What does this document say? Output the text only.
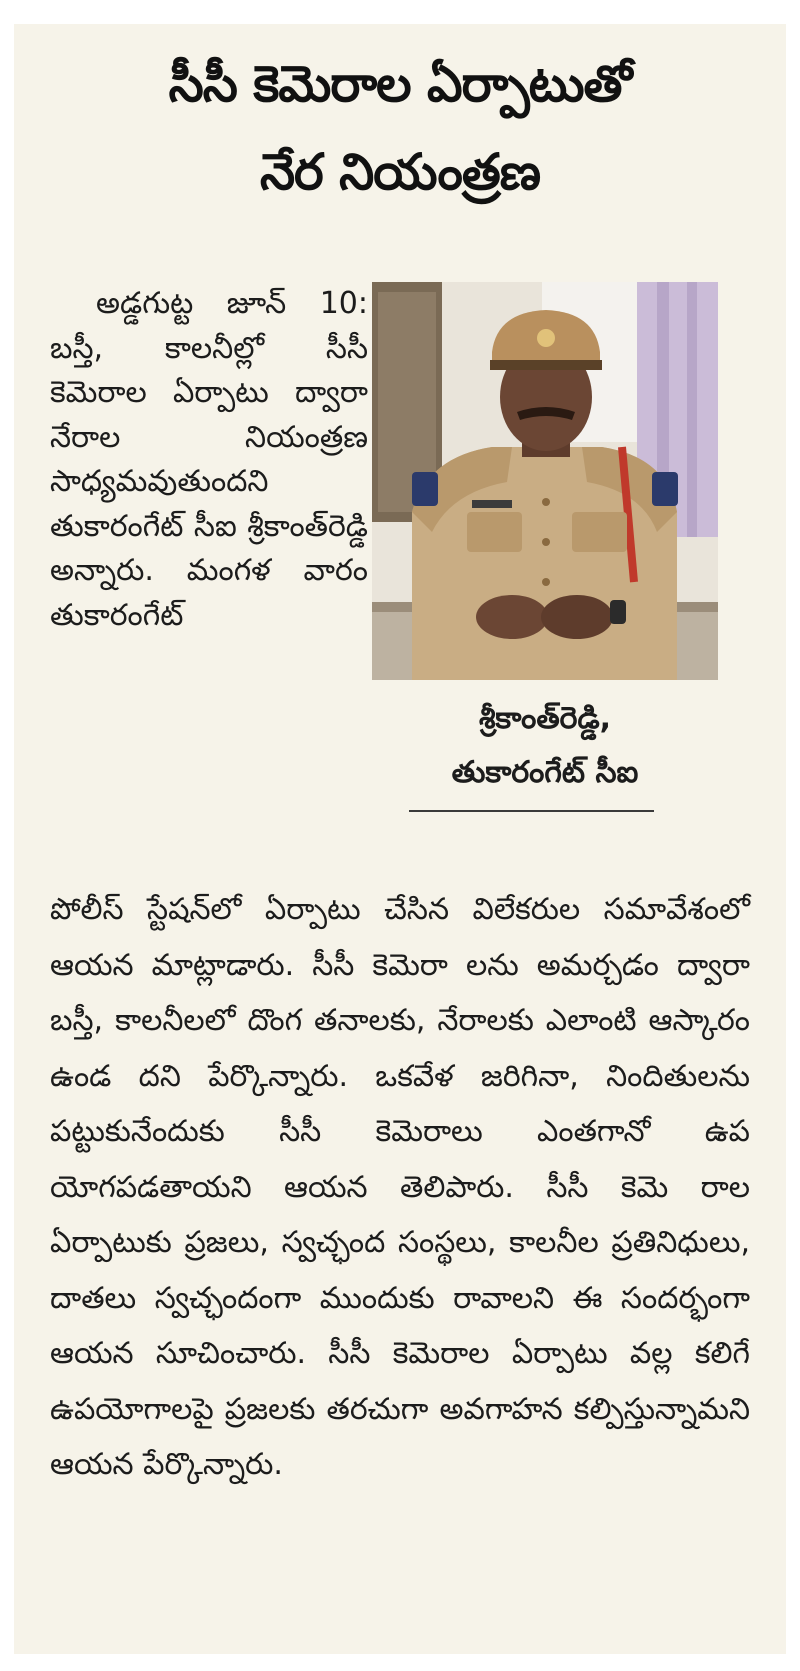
సీసీ కెమెరాల ఏర్పాటుతో
నేర నియంత్రణ

అడ్డగుట్ట జూన్ 10: బస్తీ, కాలనీల్లో సీసీ కెమెరాల ఏర్పాటు ద్వారా నేరాల నియంత్రణ సాధ్యమవుతుందని తుకారంగేట్ సీఐ శ్రీకాంత్‌రెడ్డి అన్నారు. మంగళ వారం తుకారంగేట్

శ్రీకాంత్‌రెడ్డి,
తుకారంగేట్ సీఐ

పోలీస్ స్టేషన్‌లో ఏర్పాటు చేసిన విలేకరుల సమావేశంలో ఆయన మాట్లాడారు. సీసీ కెమెరా లను అమర్చడం ద్వారా బస్తీ, కాలనీలలో దొంగ తనాలకు, నేరాలకు ఎలాంటి ఆస్కారం ఉండ దని పేర్కొన్నారు. ఒకవేళ జరిగినా, నిందితులను పట్టుకునేందుకు సీసీ కెమెరాలు ఎంతగానో ఉప యోగపడతాయని ఆయన తెలిపారు. సీసీ కెమె రాల ఏర్పాటుకు ప్రజలు, స్వచ్ఛంద సంస్థలు, కాలనీల ప్రతినిధులు, దాతలు స్వచ్ఛందంగా ముందుకు రావాలని ఈ సందర్భంగా ఆయన సూచించారు. సీసీ కెమెరాల ఏర్పాటు వల్ల కలిగే ఉపయోగాలపై ప్రజలకు తరచుగా అవగాహన కల్పిస్తున్నామని ఆయన పేర్కొన్నారు.
